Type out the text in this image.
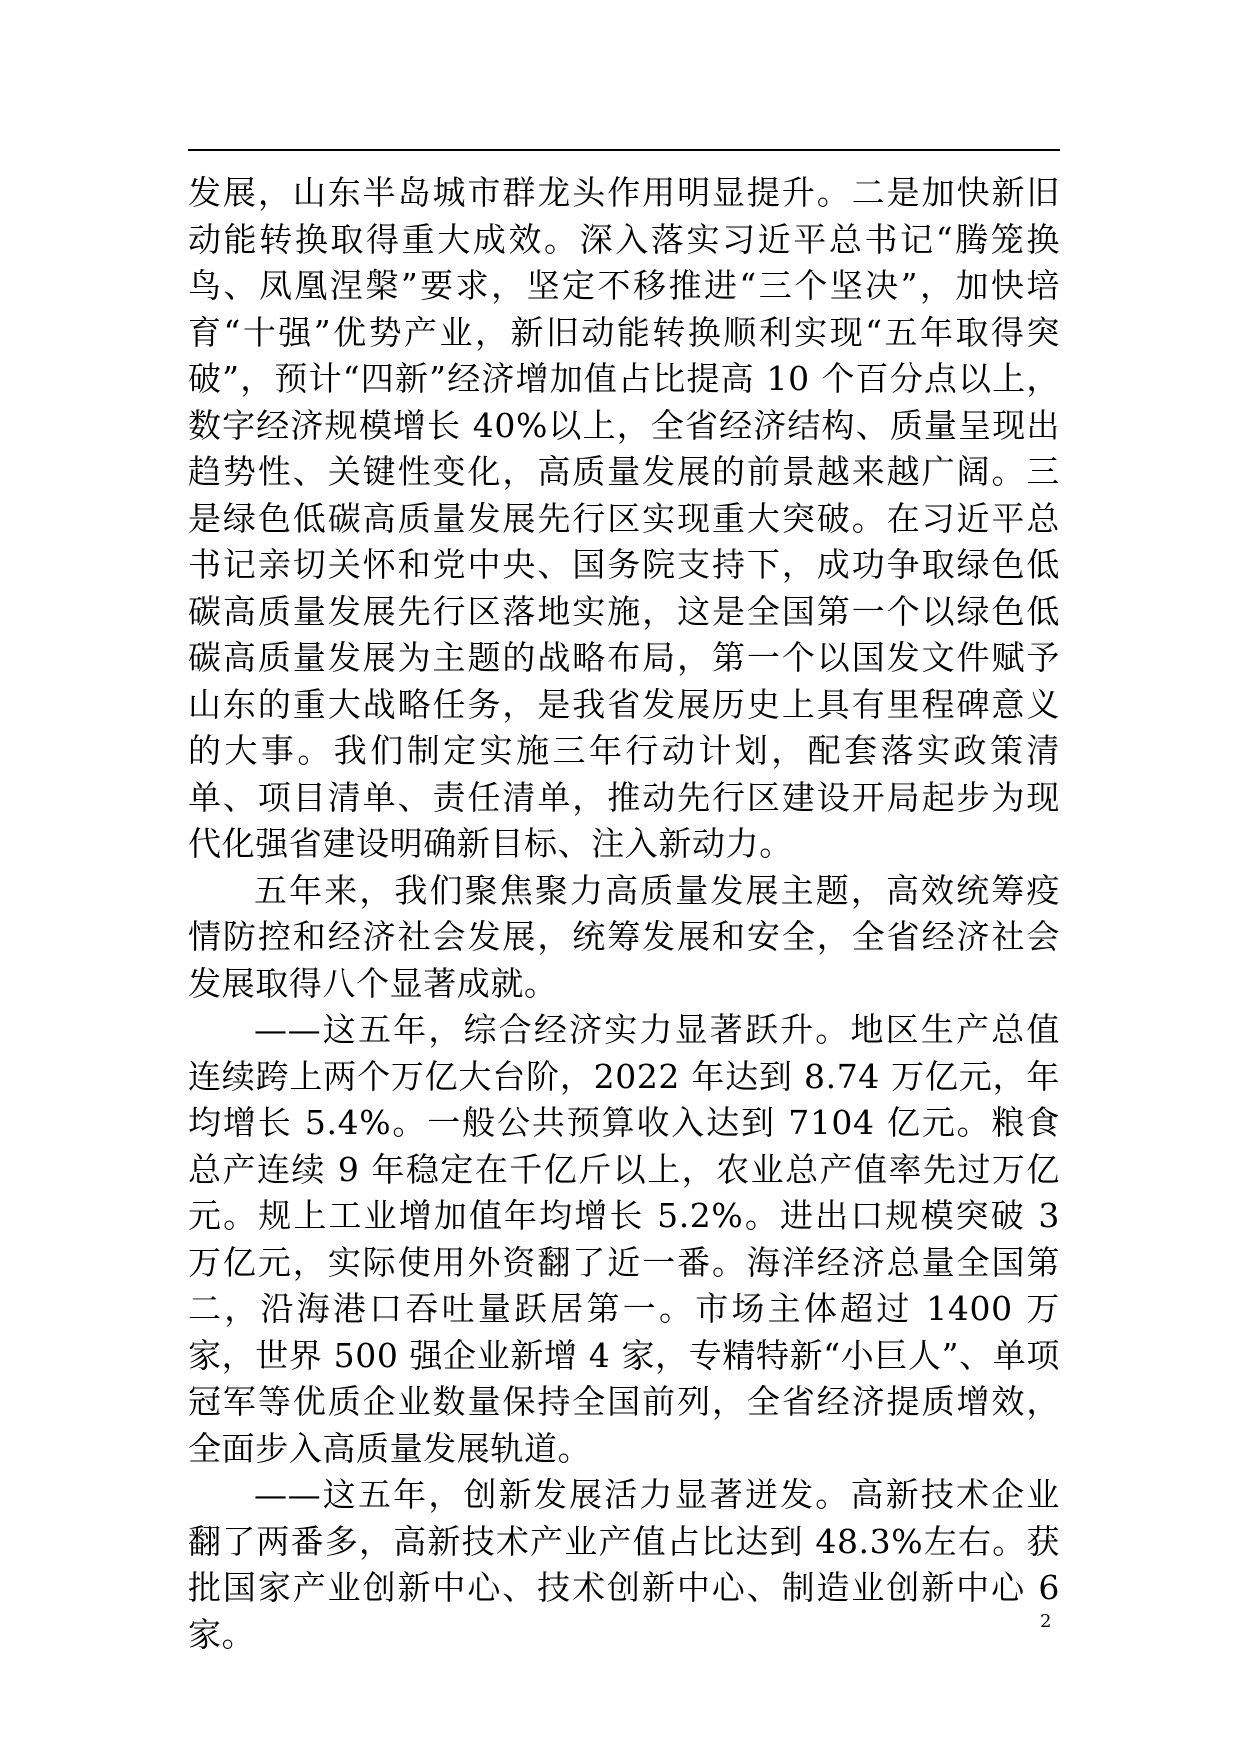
发展，山东半岛城市群龙头作用明显提升。二是加快新旧动能转换取得重大成效。深入落实习近平总书记“腾笼换鸟、凤凰涅槃”要求，坚定不移推进“三个坚决”，加快培育“十强”优势产业，新旧动能转换顺利实现“五年取得突破”，预计“四新”经济增加值占比提高 10 个百分点以上，数字经济规模增长 40%以上，全省经济结构、质量呈现出趋势性、关键性变化，高质量发展的前景越来越广阔。三是绿色低碳高质量发展先行区实现重大突破。在习近平总书记亲切关怀和党中央、国务院支持下，成功争取绿色低碳高质量发展先行区落地实施，这是全国第一个以绿色低碳高质量发展为主题的战略布局，第一个以国发文件赋予山东的重大战略任务，是我省发展历史上具有里程碑意义的大事。我们制定实施三年行动计划，配套落实政策清单、项目清单、责任清单，推动先行区建设开局起步为现代化强省建设明确新目标、注入新动力。

五年来，我们聚焦聚力高质量发展主题，高效统筹疫情防控和经济社会发展，统筹发展和安全，全省经济社会发展取得八个显著成就。

——这五年，综合经济实力显著跃升。地区生产总值连续跨上两个万亿大台阶，2022 年达到 8.74 万亿元，年均增长 5.4%。一般公共预算收入达到 7104 亿元。粮食总产连续 9 年稳定在千亿斤以上，农业总产值率先过万亿元。规上工业增加值年均增长 5.2%。进出口规模突破 3 万亿元，实际使用外资翻了近一番。海洋经济总量全国第二，沿海港口吞吐量跃居第一。市场主体超过 1400 万家，世界 500 强企业新增 4 家，专精特新“小巨人”、单项冠军等优质企业数量保持全国前列，全省经济提质增效，全面步入高质量发展轨道。

——这五年，创新发展活力显著迸发。高新技术企业翻了两番多，高新技术产业产值占比达到 48.3%左右。获批国家产业创新中心、技术创新中心、制造业创新中心 6 家。	2
